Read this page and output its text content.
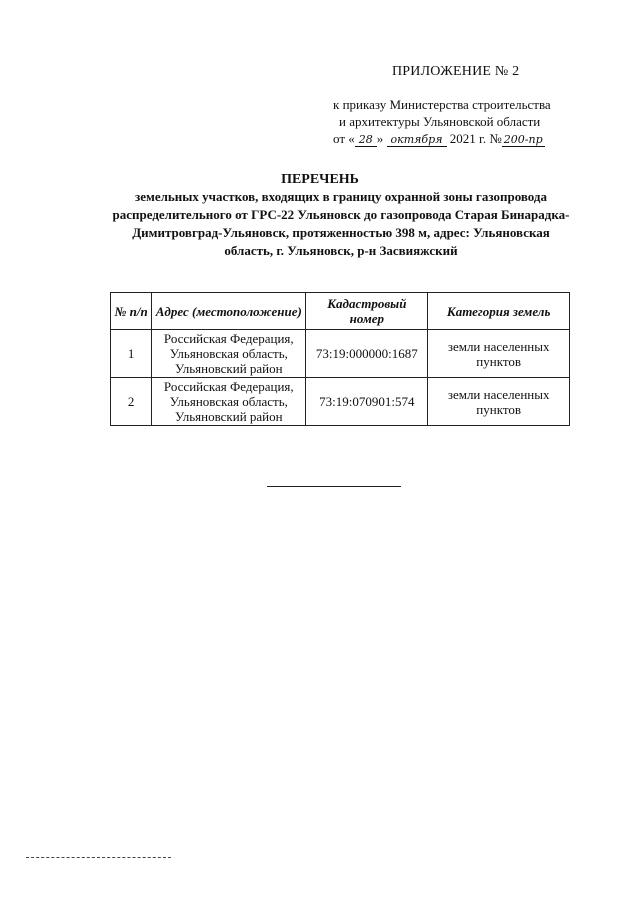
ПРИЛОЖЕНИЕ № 2
к приказу Министерства строительства
и архитектуры Ульяновской области
от « 28 » октября 2021 г. № 200-пр
ПЕРЕЧЕНЬ
земельных участков, входящих в границу охранной зоны газопровода распределительного от ГРС-22 Ульяновск до газопровода Старая Бинарадка-Димитровград-Ульяновск, протяженностью 398 м, адрес: Ульяновская область, г. Ульяновск, р-н Засвияжский
№ п/п	Адрес (местоположение)	Кадастровый номер	Категория земель
1	Российская Федерация, Ульяновская область, Ульяновский район	73:19:000000:1687	земли населенных пунктов
2	Российская Федерация, Ульяновская область, Ульяновский район	73:19:070901:574	земли населенных пунктов
